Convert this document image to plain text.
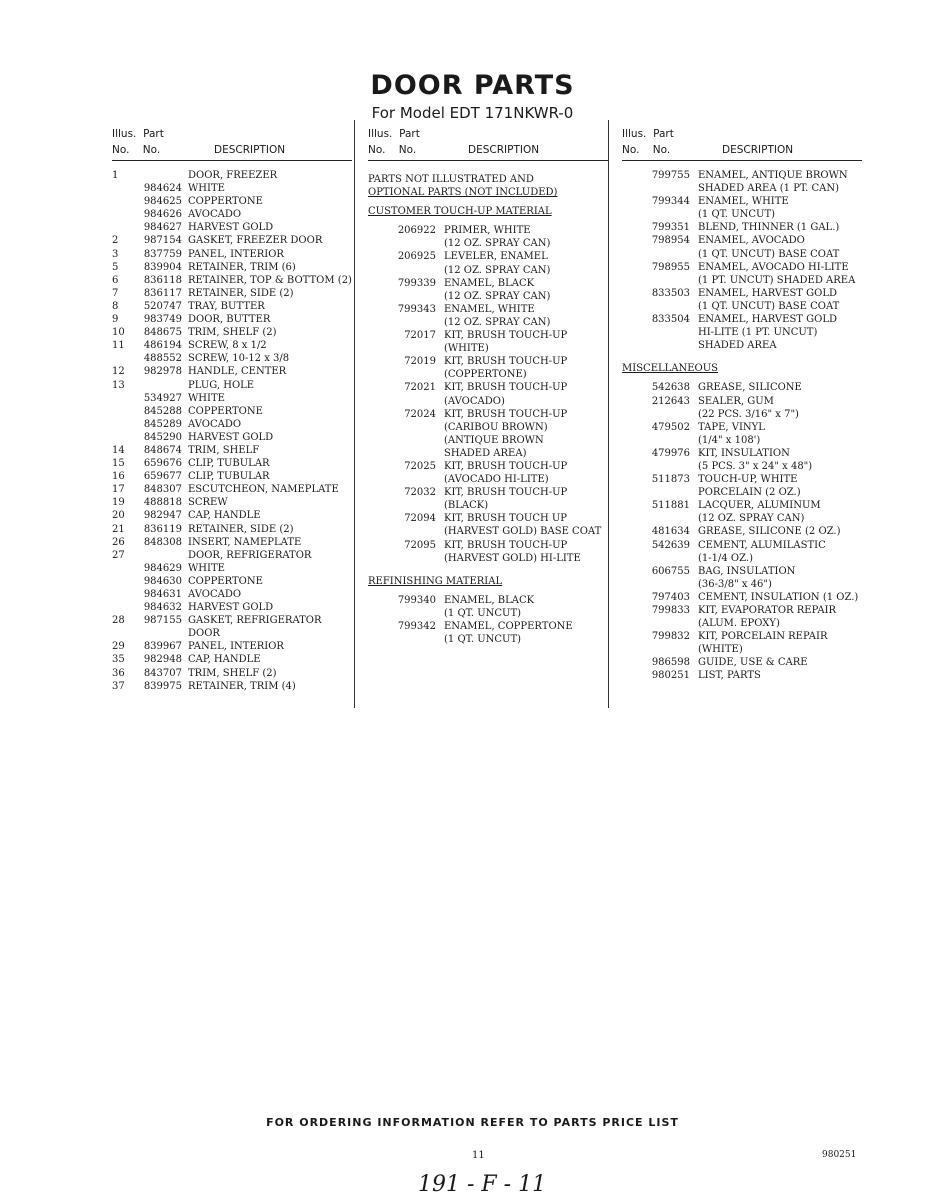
DOOR PARTS
For Model EDT 171NKWR-0
Illus. Part
No. No.	DESCRIPTION
1	DOOR, FREEZER
984624 WHITE
984625 COPPERTONE
984626 AVOCADO
984627 HARVEST GOLD
2	987154 GASKET, FREEZER DOOR
3	837759 PANEL, INTERIOR
5	839904 RETAINER, TRIM (6)
6	836118 RETAINER, TOP & BOTTOM (2)
7	836117 RETAINER, SIDE (2)
8	520747 TRAY, BUTTER
9	983749 DOOR, BUTTER
10	848675 TRIM, SHELF (2)
11	486194 SCREW, 8 x 1/2
488552 SCREW, 10-12 x 3/8
12	982978 HANDLE, CENTER
13	PLUG, HOLE
534927 WHITE
845288 COPPERTONE
845289 AVOCADO
845290 HARVEST GOLD
14	848674 TRIM, SHELF
15	659676 CLIP, TUBULAR
16	659677 CLIP, TUBULAR
17	848307 ESCUTCHEON, NAMEPLATE
19	488818 SCREW
20	982947 CAP, HANDLE
21	836119 RETAINER, SIDE (2)
26	848308 INSERT, NAMEPLATE
27	DOOR, REFRIGERATOR
984629 WHITE
984630 COPPERTONE
984631 AVOCADO
984632 HARVEST GOLD
28	987155 GASKET, REFRIGERATOR
DOOR
29	839967 PANEL, INTERIOR
35	982948 CAP, HANDLE
36	843707 TRIM, SHELF (2)
37	839975 RETAINER, TRIM (4)
Illus. Part
No. No.	DESCRIPTION
PARTS NOT ILLUSTRATED AND
OPTIONAL PARTS (NOT INCLUDED)
CUSTOMER TOUCH-UP MATERIAL
206922 PRIMER, WHITE
(12 OZ. SPRAY CAN)
206925 LEVELER, ENAMEL
(12 OZ. SPRAY CAN)
799339 ENAMEL, BLACK
(12 OZ. SPRAY CAN)
799343 ENAMEL, WHITE
(12 OZ. SPRAY CAN)
72017 KIT, BRUSH TOUCH-UP
(WHITE)
72019 KIT, BRUSH TOUCH-UP
(COPPERTONE)
72021 KIT, BRUSH TOUCH-UP
(AVOCADO)
72024 KIT, BRUSH TOUCH-UP
(CARIBOU BROWN)
(ANTIQUE BROWN
SHADED AREA)
72025 KIT, BRUSH TOUCH-UP
(AVOCADO HI-LITE)
72032 KIT, BRUSH TOUCH-UP
(BLACK)
72094 KIT, BRUSH TOUCH UP
(HARVEST GOLD) BASE COAT
72095 KIT, BRUSH TOUCH-UP
(HARVEST GOLD) HI-LITE
REFINISHING MATERIAL
799340 ENAMEL, BLACK
(1 QT. UNCUT)
799342 ENAMEL, COPPERTONE
(1 QT. UNCUT)
Illus. Part
No. No.	DESCRIPTION
799755 ENAMEL, ANTIQUE BROWN
SHADED AREA (1 PT. CAN)
799344 ENAMEL, WHITE
(1 QT. UNCUT)
799351 BLEND, THINNER (1 GAL.)
798954 ENAMEL, AVOCADO
(1 QT. UNCUT) BASE COAT
798955 ENAMEL, AVOCADO HI-LITE
(1 PT. UNCUT) SHADED AREA
833503 ENAMEL, HARVEST GOLD
(1 QT. UNCUT) BASE COAT
833504 ENAMEL, HARVEST GOLD
HI-LITE (1 PT. UNCUT)
SHADED AREA
MISCELLANEOUS
542638 GREASE, SILICONE
212643 SEALER, GUM
(22 PCS. 3/16" x 7")
479502 TAPE, VINYL
(1/4" x 108')
479976 KIT, INSULATION
(5 PCS. 3" x 24" x 48")
511873 TOUCH-UP, WHITE
PORCELAIN (2 OZ.)
511881 LACQUER, ALUMINUM
(12 OZ. SPRAY CAN)
481634 GREASE, SILICONE (2 OZ.)
542639 CEMENT, ALUMILASTIC
(1-1/4 OZ.)
606755 BAG, INSULATION
(36-3/8" x 46")
797403 CEMENT, INSULATION (1 OZ.)
799833 KIT, EVAPORATOR REPAIR
(ALUM. EPOXY)
799832 KIT, PORCELAIN REPAIR
(WHITE)
986598 GUIDE, USE & CARE
980251 LIST, PARTS
FOR ORDERING INFORMATION REFER TO PARTS PRICE LIST
11	980251
191 - F - 11
